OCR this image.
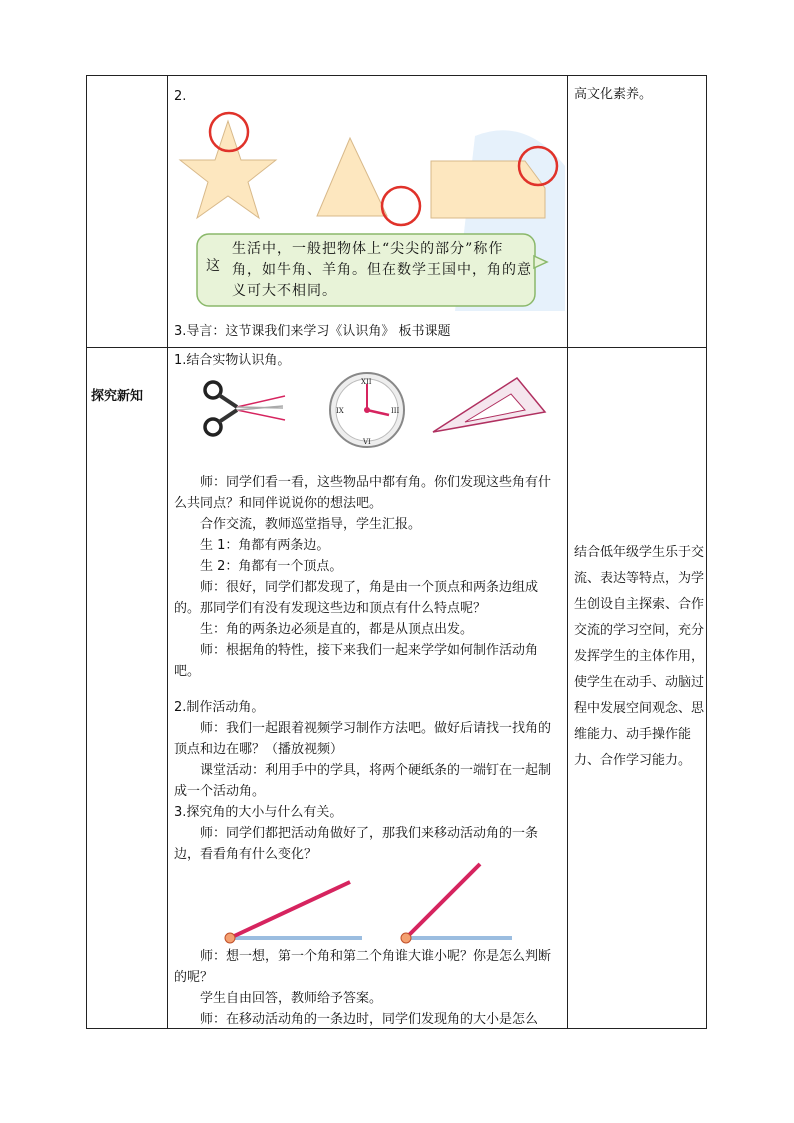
2.
这
生活中，一般把物体上“尖尖的部分”称作角，如牛角、羊角。但在数学王国中，角的意义可大不相同。
3.导言：这节课我们来学习《认识角》 板书课题
高文化素养。
探究新知
1.结合实物认识角。
XII
III
VI
IX

师：同学们看一看，这些物品中都有角。你们发现这些角有什么共同点？和同伴说说你的想法吧。

合作交流，教师巡堂指导，学生汇报。

生 1：角都有两条边。

生 2：角都有一个顶点。

师：很好，同学们都发现了，角是由一个顶点和两条边组成的。那同学们有没有发现这些边和顶点有什么特点呢？

生：角的两条边必须是直的，都是从顶点出发。

师：根据角的特性，接下来我们一起来学学如何制作活动角吧。

2.制作活动角。

师：我们一起跟着视频学习制作方法吧。做好后请找一找角的顶点和边在哪？（播放视频）

课堂活动：利用手中的学具，将两个硬纸条的一端钉在一起制成一个活动角。

3.探究角的大小与什么有关。

师：同学们都把活动角做好了，那我们来移动活动角的一条边，看看角有什么变化？

师：想一想，第一个角和第二个角谁大谁小呢？你是怎么判断的呢？

学生自由回答，教师给予答案。

师：在移动活动角的一条边时，同学们发现角的大小是怎么

结合低年级学生乐于交流、表达等特点，为学生创设自主探索、合作交流的学习空间，充分发挥学生的主体作用，使学生在动手、动脑过程中发展空间观念、思维能力、动手操作能力、合作学习能力。
